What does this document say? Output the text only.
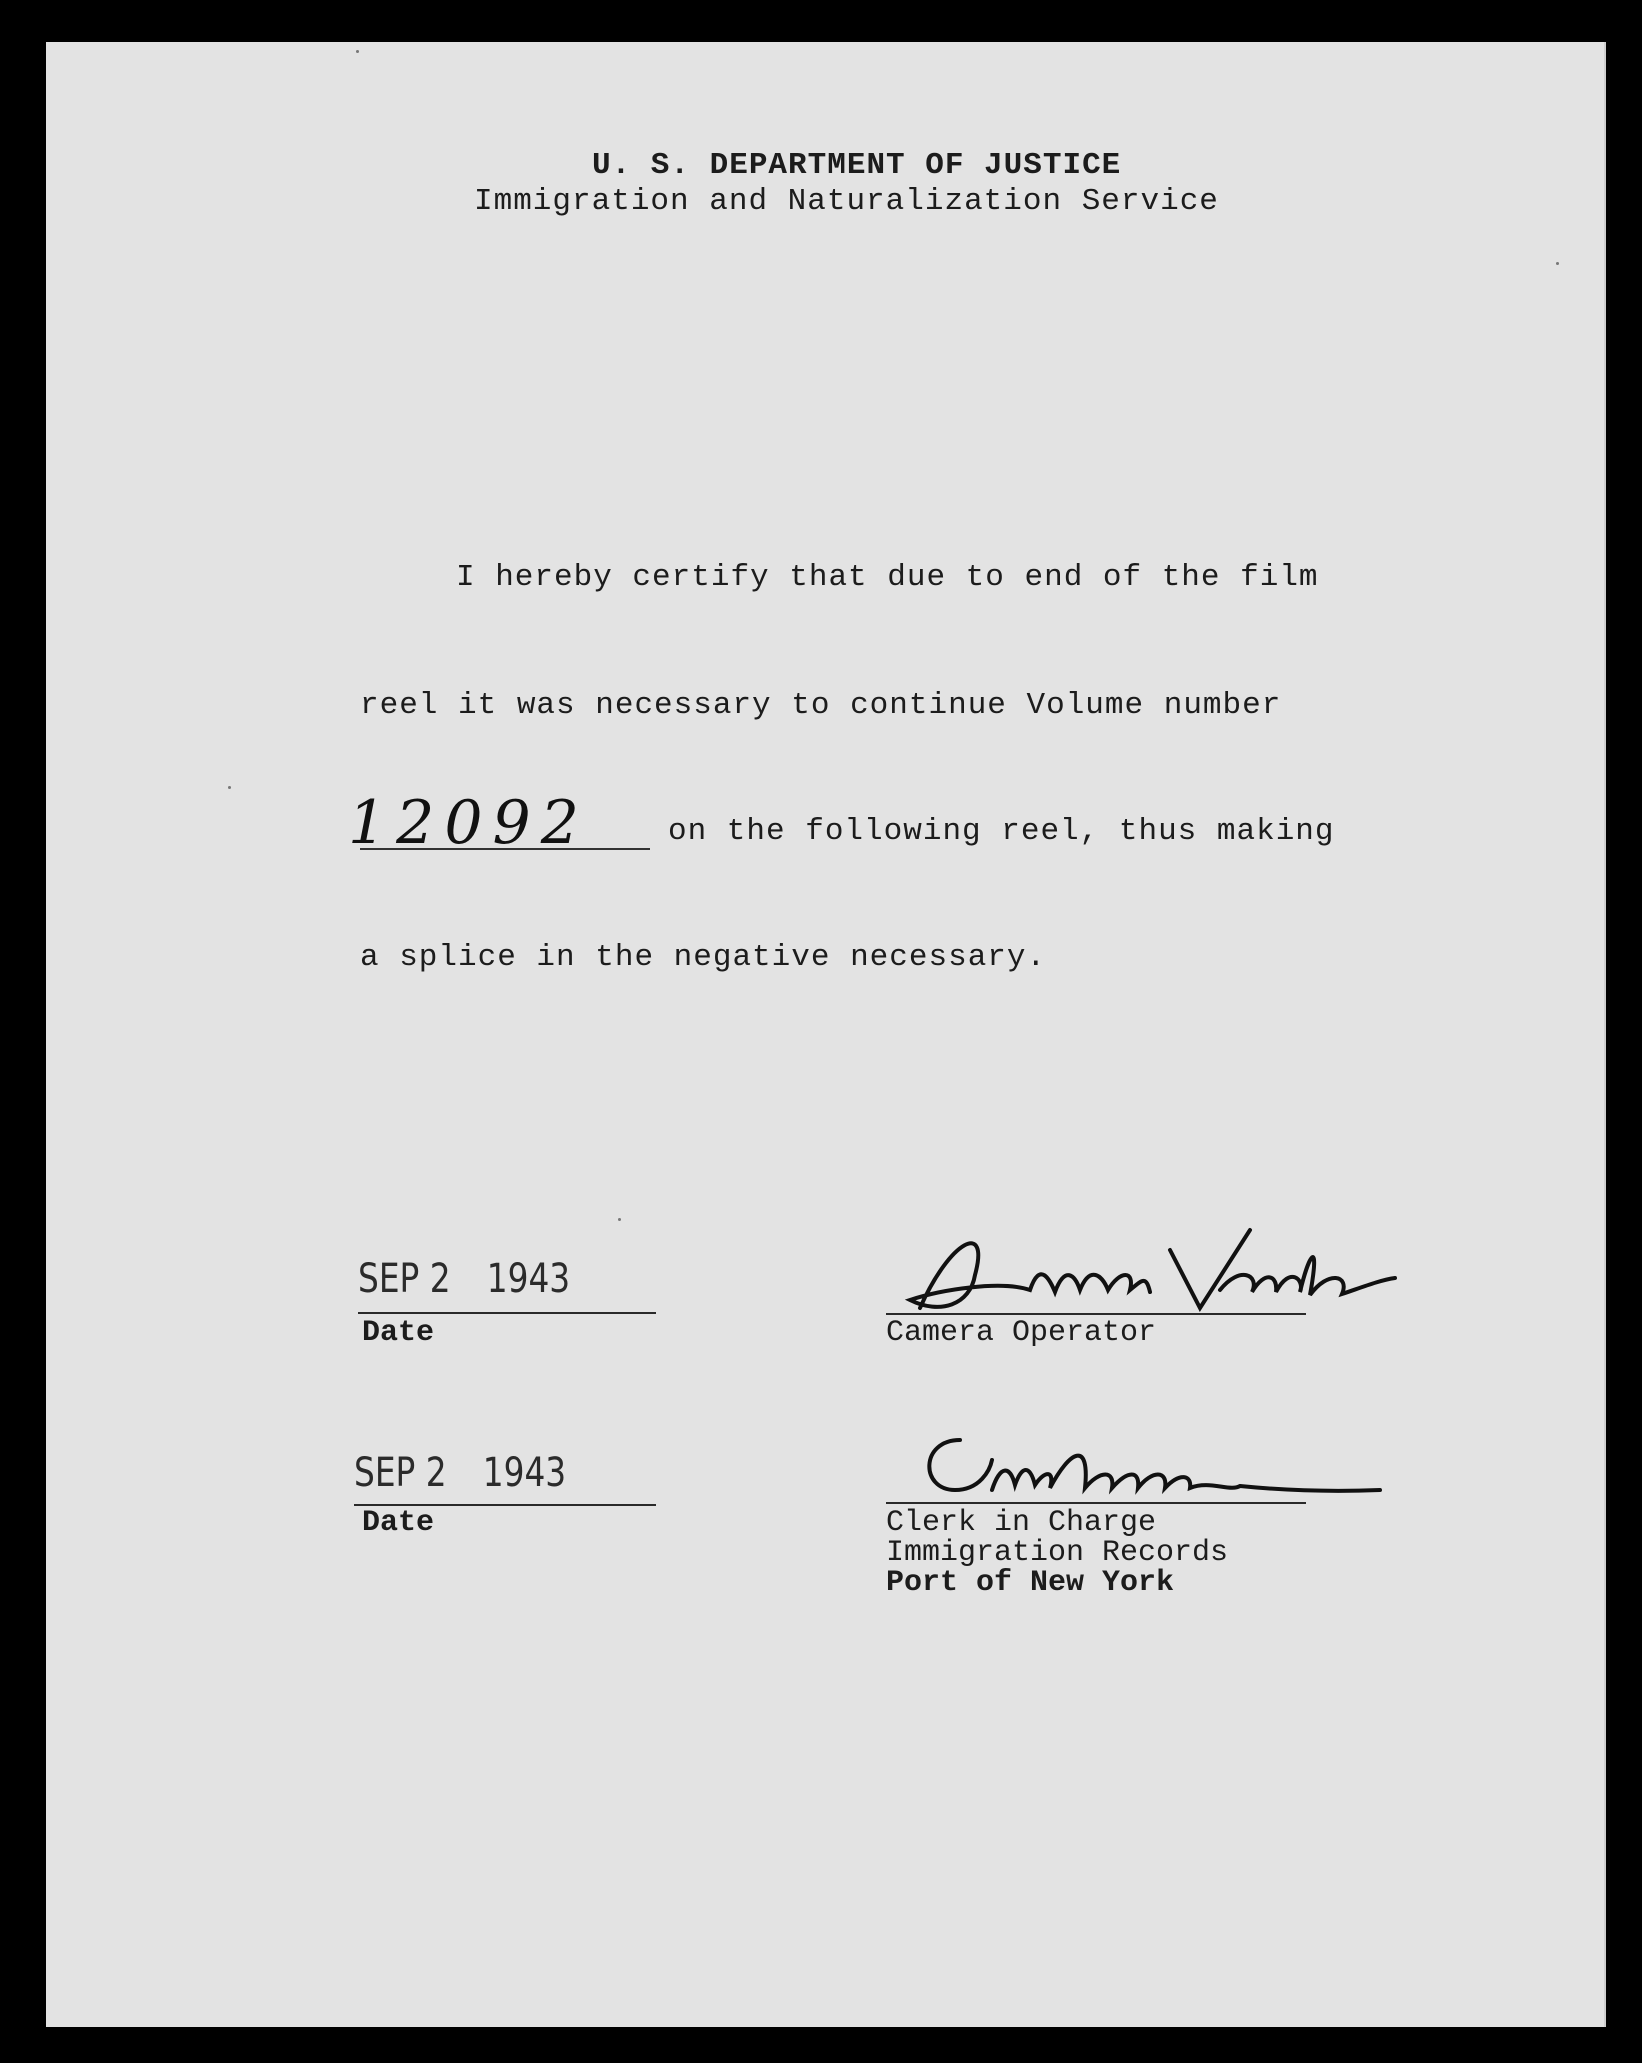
U. S. DEPARTMENT OF JUSTICE
Immigration and Naturalization Service
I hereby certify that due to end of the film
reel it was necessary to continue Volume number
12092	on the following reel, thus making
a splice in the negative necessary.
SEP 2 1943
Date	Camera Operator
SEP 2 1943
Date	Clerk in Charge
Immigration Records
Port of New York
